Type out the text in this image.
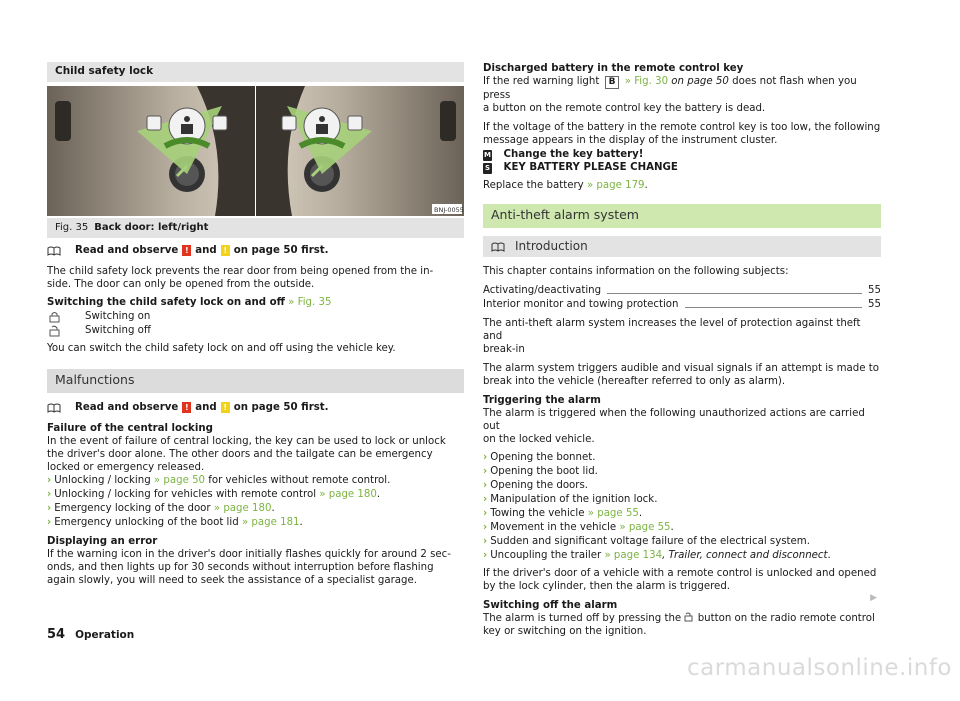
Child safety lock
BNJ-0055
Fig. 35 Back door: left/right
Read and observe ! and ! on page 50 first.

The child safety lock prevents the rear door from being opened from the in-
side. The door can only be opened from the outside.

Switching the child safety lock on and off » Fig. 35
Switching on
Switching off

You can switch the child safety lock on and off using the vehicle key.

Malfunctions
Read and observe ! and ! on page 50 first.
Failure of the central locking
In the event of failure of central locking, the key can be used to lock or unlock
the driver's door alone. The other doors and the tailgate can be emergency
locked or emergency released.
› Unlocking / locking » page 50 for vehicles without remote control.
› Unlocking / locking for vehicles with remote control » page 180.
› Emergency locking of the door » page 180.
› Emergency unlocking of the boot lid » page 181.
Displaying an error
If the warning icon in the driver's door initially flashes quickly for around 2 sec-
onds, and then lights up for 30 seconds without interruption before flashing
again slowly, you will need to seek the assistance of a specialist garage.
Discharged battery in the remote control key
If the red warning light B » Fig. 30 on page 50 does not flash when you press

a button on the remote control key the battery is dead.

If the voltage of the battery in the remote control key is too low, the following
message appears in the display of the instrument cluster.
M Change the key battery!
S KEY BATTERY PLEASE CHANGE

Replace the battery » page 179.

Anti-theft alarm system
Introduction

This chapter contains information on the following subjects:

Activating/deactivating	55
Interior monitor and towing protection	55
The anti-theft alarm system increases the level of protection against theft and

break-in

The alarm system triggers audible and visual signals if an attempt is made to

break into the vehicle (hereafter referred to only as alarm).

Triggering the alarm
The alarm is triggered when the following unauthorized actions are carried out
on the locked vehicle.
› Opening the bonnet.
› Opening the boot lid.
› Opening the doors.
› Manipulation of the ignition lock.
› Towing the vehicle » page 55.
› Movement in the vehicle » page 55.
› Sudden and significant voltage failure of the electrical system.
› Uncoupling the trailer » page 134, Trailer, connect and disconnect.
If the driver's door of a vehicle with a remote control is unlocked and opened

by the lock cylinder, then the alarm is triggered.

Switching off the alarm
The alarm is turned off by pressing the button on the radio remote control
key or switching on the ignition.
▶
54 Operation
carmanualsonline.info
